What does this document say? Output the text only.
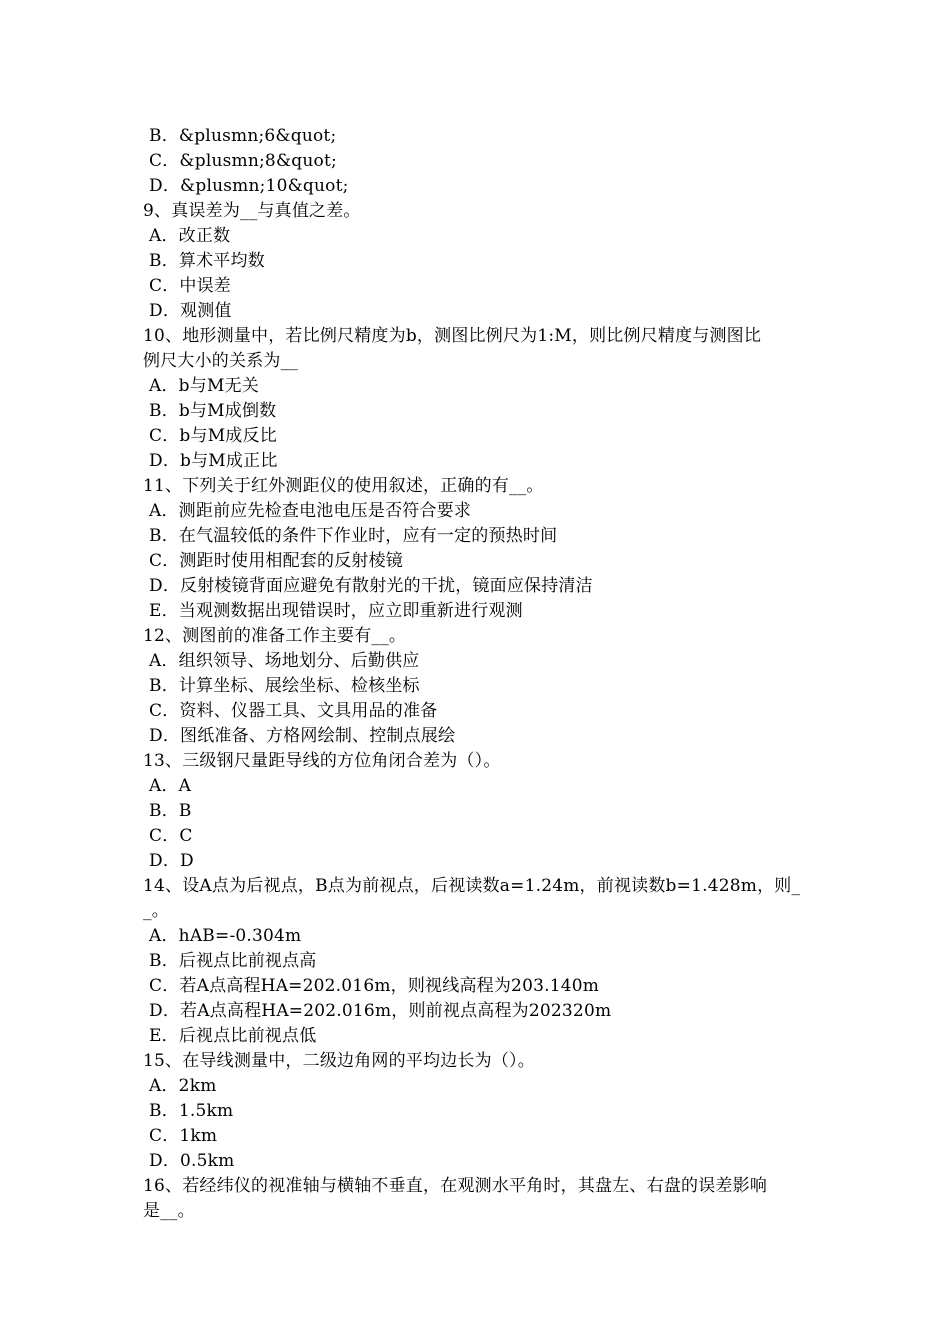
B．&plusmn;6&quot;
C．&plusmn;8&quot;
D．&plusmn;10&quot;
9、真误差为__与真值之差。
A．改正数
B．算术平均数
C．中误差
D．观测值
10、地形测量中，若比例尺精度为b，测图比例尺为1:M，则比例尺精度与测图比
例尺大小的关系为__
A．b与M无关
B．b与M成倒数
C．b与M成反比
D．b与M成正比
11、下列关于红外测距仪的使用叙述，正确的有__。
A．测距前应先检查电池电压是否符合要求
B．在气温较低的条件下作业时，应有一定的预热时间
C．测距时使用相配套的反射棱镜
D．反射棱镜背面应避免有散射光的干扰，镜面应保持清洁
E．当观测数据出现错误时，应立即重新进行观测
12、测图前的准备工作主要有__。
A．组织领导、场地划分、后勤供应
B．计算坐标、展绘坐标、检核坐标
C．资料、仪器工具、文具用品的准备
D．图纸准备、方格网绘制、控制点展绘
13、三级钢尺量距导线的方位角闭合差为（）。
A．A
B．B
C．C
D．D
14、设A点为后视点，B点为前视点，后视读数a=1.24m，前视读数b=1.428m，则_
_。
A．hAB=-0.304m
B．后视点比前视点高
C．若A点高程HA=202.016m，则视线高程为203.140m
D．若A点高程HA=202.016m，则前视点高程为202320m
E．后视点比前视点低
15、在导线测量中，二级边角网的平均边长为（）。
A．2km
B．1.5km
C．1km
D．0.5km
16、若经纬仪的视准轴与横轴不垂直，在观测水平角时，其盘左、右盘的误差影响
是__。
